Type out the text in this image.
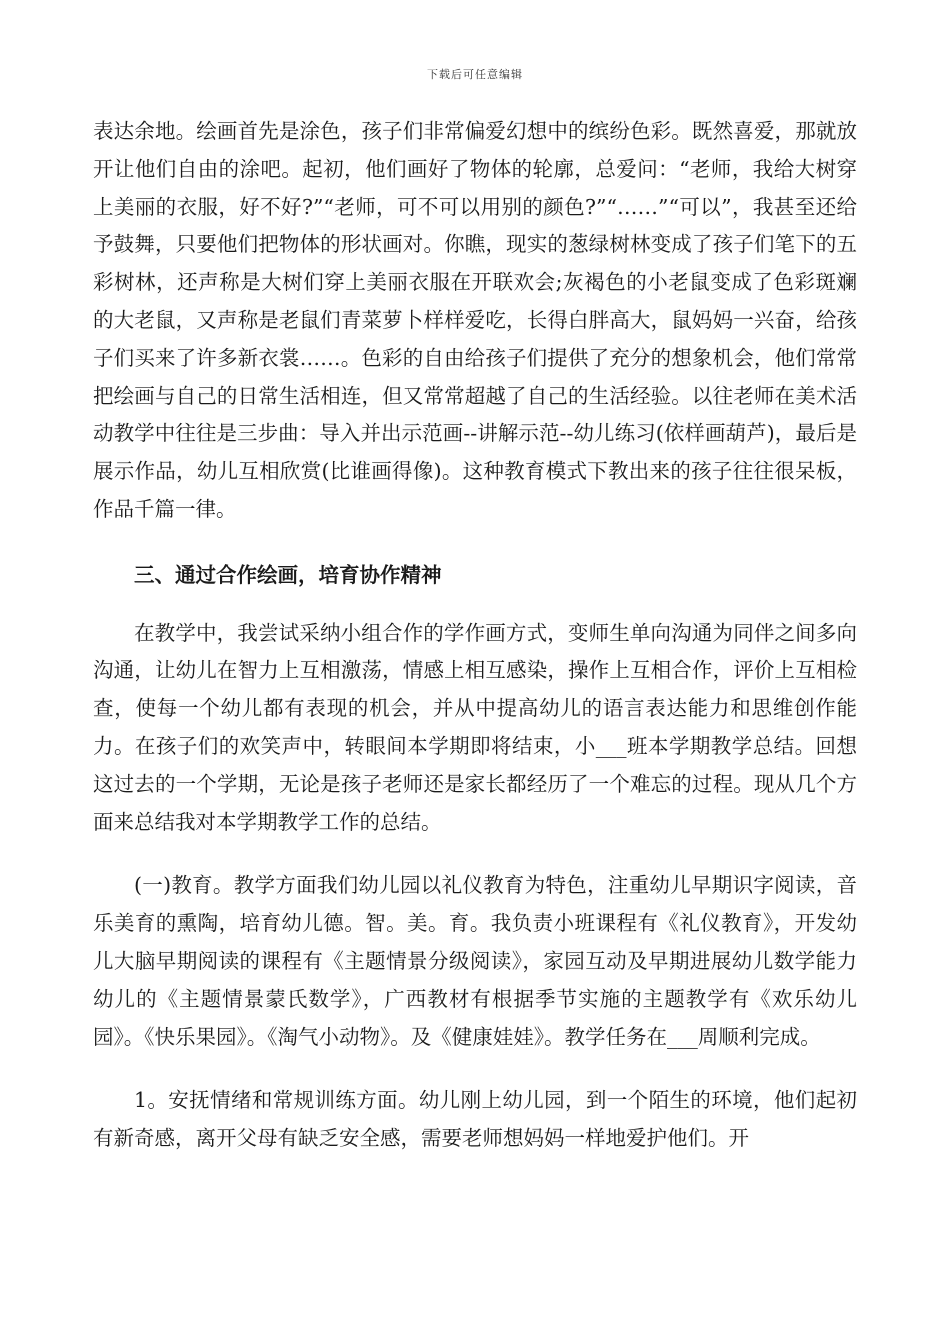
下载后可任意编辑

表达余地。绘画首先是涂色，孩子们非常偏爱幻想中的缤纷色彩。既然喜爱，那就放开让他们自由的涂吧。起初，他们画好了物体的轮廓，总爱问：“老师，我给大树穿上美丽的衣服，好不好?”“老师，可不可以用别的颜色?”“……”“可以”，我甚至还给予鼓舞，只要他们把物体的形状画对。你瞧，现实的葱绿树林变成了孩子们笔下的五彩树林，还声称是大树们穿上美丽衣服在开联欢会;灰褐色的小老鼠变成了色彩斑斓的大老鼠，又声称是老鼠们青菜萝卜样样爱吃，长得白胖高大，鼠妈妈一兴奋，给孩子们买来了许多新衣裳……。色彩的自由给孩子们提供了充分的想象机会，他们常常把绘画与自己的日常生活相连，但又常常超越了自己的生活经验。以往老师在美术活动教学中往往是三步曲：导入并出示范画--讲解示范--幼儿练习(依样画葫芦)，最后是展示作品，幼儿互相欣赏(比谁画得像)。这种教育模式下教出来的孩子往往很呆板，作品千篇一律。

三、通过合作绘画，培育协作精神

在教学中，我尝试采纳小组合作的学作画方式，变师生单向沟通为同伴之间多向沟通，让幼儿在智力上互相激荡，情感上相互感染，操作上互相合作，评价上互相检查，使每一个幼儿都有表现的机会，并从中提高幼儿的语言表达能力和思维创作能力。在孩子们的欢笑声中，转眼间本学期即将结束，小___班本学期教学总结。回想这过去的一个学期，无论是孩子老师还是家长都经历了一个难忘的过程。现从几个方面来总结我对本学期教学工作的总结。

(一)教育。教学方面我们幼儿园以礼仪教育为特色，注重幼儿早期识字阅读，音乐美育的熏陶，培育幼儿德。智。美。育。我负责小班课程有《礼仪教育》，开发幼儿大脑早期阅读的课程有《主题情景分级阅读》，家园互动及早期进展幼儿数学能力幼儿的《主题情景蒙氏数学》，广西教材有根据季节实施的主题教学有《欢乐幼儿园》。《快乐果园》。《淘气小动物》。及《健康娃娃》。教学任务在___周顺利完成。

1。安抚情绪和常规训练方面。幼儿刚上幼儿园，到一个陌生的环境，他们起初有新奇感，离开父母有缺乏安全感，需要老师想妈妈一样地爱护他们。开
